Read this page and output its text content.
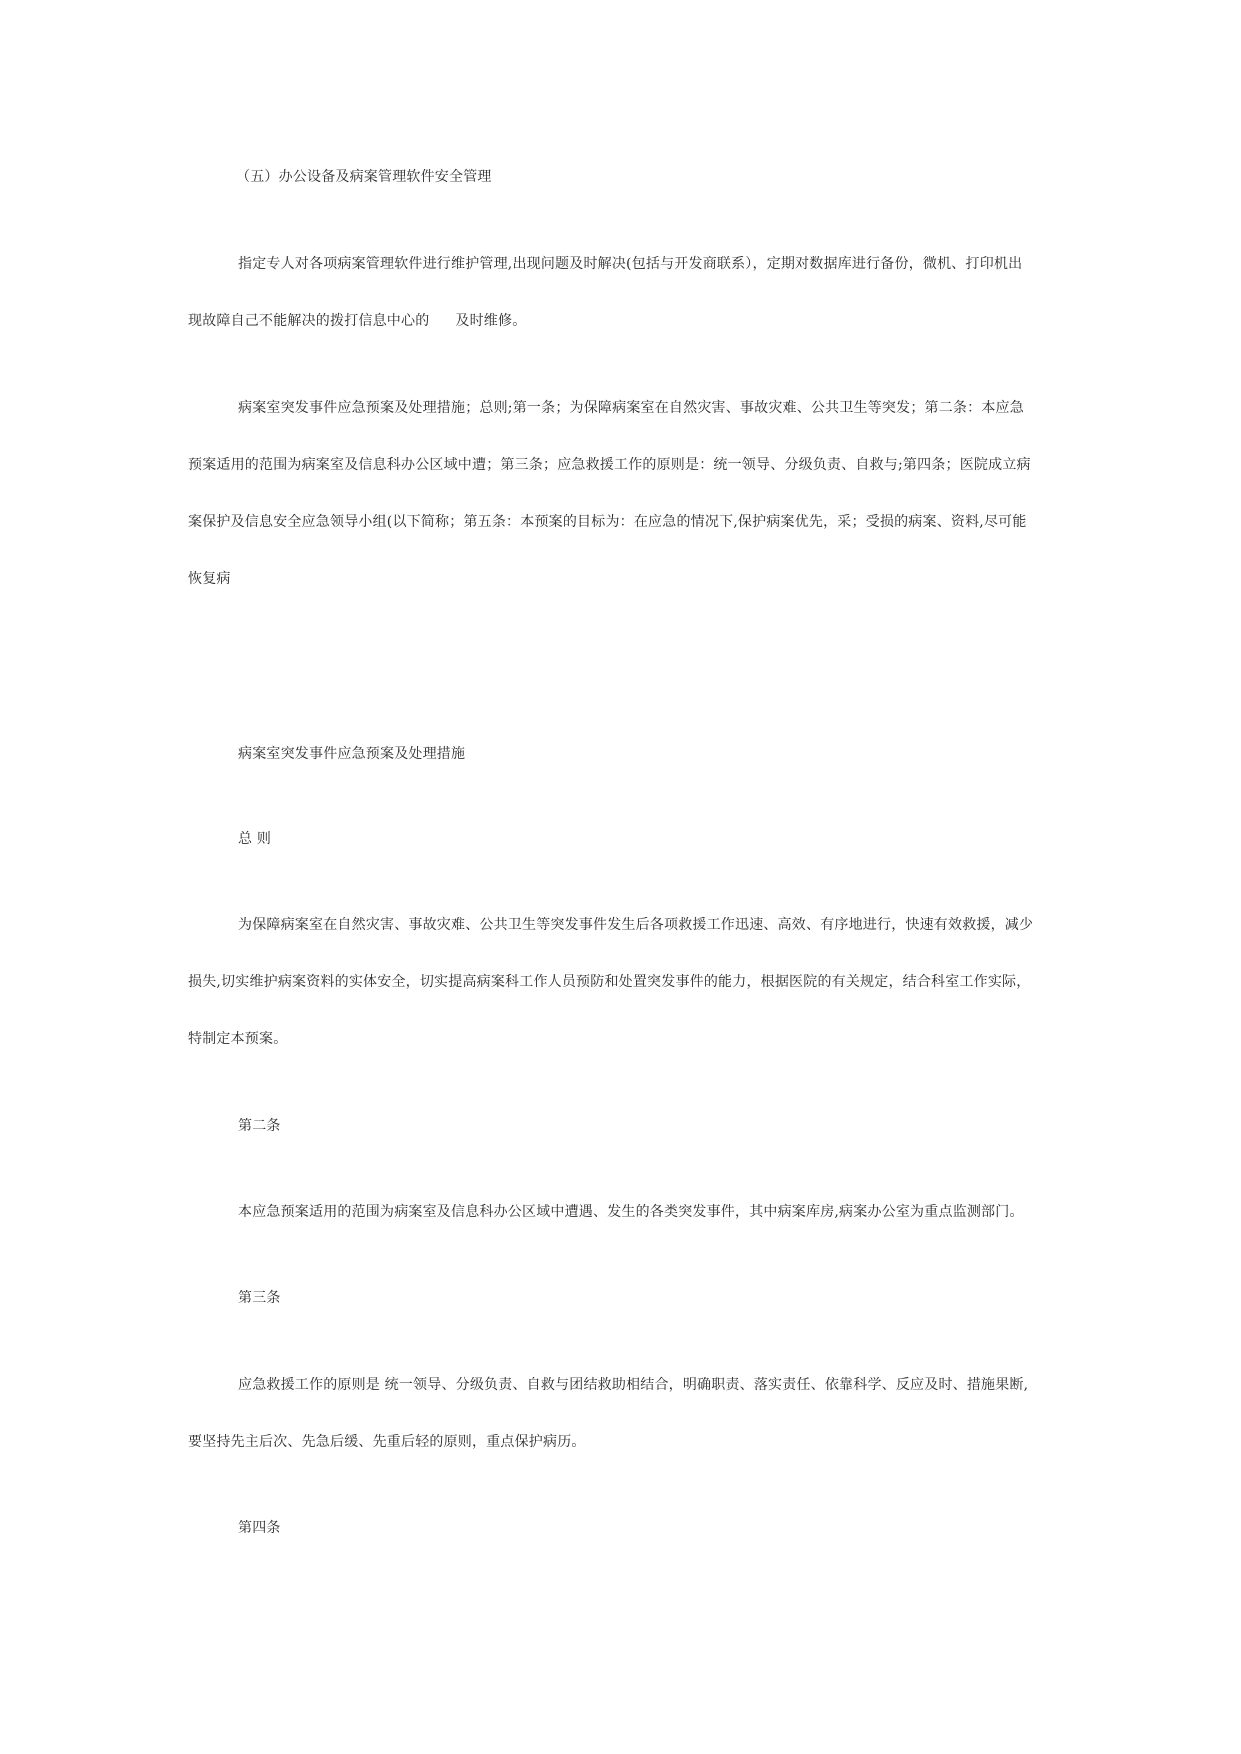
（五）办公设备及病案管理软件安全管理
指定专人对各项病案管理软件进行维护管理,出现问题及时解决(包括与开发商联系），定期对数据库进行备份，微机、打印机出
现故障自己不能解决的拨打信息中心的 及时维修。
病案室突发事件应急预案及处理措施；总则;第一条；为保障病案室在自然灾害、事故灾难、公共卫生等突发；第二条：本应急
预案适用的范围为病案室及信息科办公区域中遭；第三条；应急救援工作的原则是：统一领导、分级负责、自救与;第四条；医院成立病
案保护及信息安全应急领导小组(以下简称；第五条：本预案的目标为：在应急的情况下,保护病案优先，采；受损的病案、资料,尽可能
恢复病
病案室突发事件应急预案及处理措施
总 则
为保障病案室在自然灾害、事故灾难、公共卫生等突发事件发生后各项救援工作迅速、高效、有序地进行，快速有效救援，减少
损失,切实维护病案资料的实体安全，切实提高病案科工作人员预防和处置突发事件的能力，根据医院的有关规定，结合科室工作实际，
特制定本预案。
第二条
本应急预案适用的范围为病案室及信息科办公区域中遭遇、发生的各类突发事件，其中病案库房,病案办公室为重点监测部门。
第三条
应急救援工作的原则是 统一领导、分级负责、自救与团结救助相结合，明确职责、落实责任、依靠科学、反应及时、措施果断,
要坚持先主后次、先急后缓、先重后轻的原则，重点保护病历。
第四条
